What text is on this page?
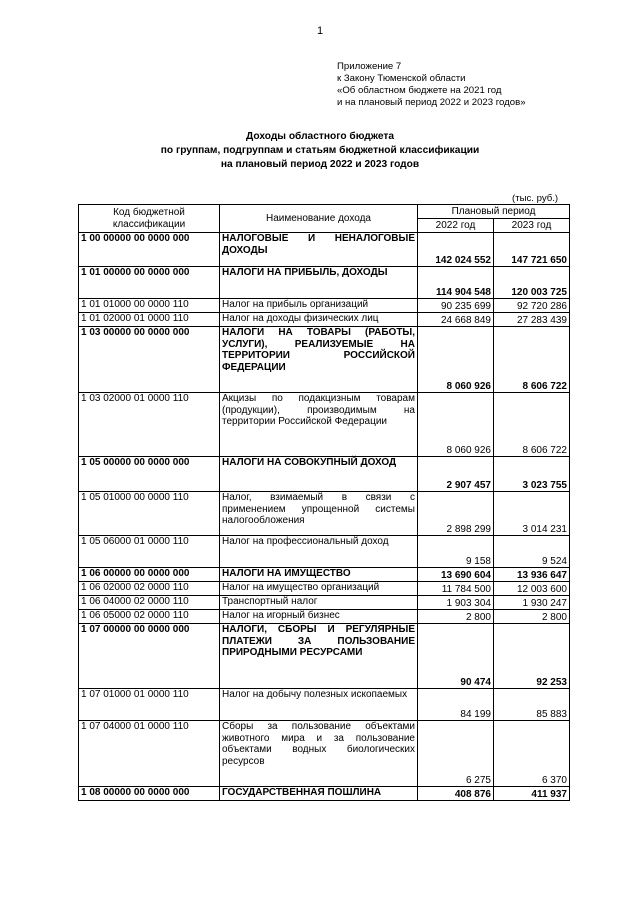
1
Приложение 7
к Закону Тюменской области
«Об областном бюджете на 2021 год
и на плановый период 2022 и 2023 годов»
Доходы областного бюджета
по группам, подгруппам и статьям бюджетной классификации
на плановый период 2022 и 2023 годов
(тыс. руб.)
Код бюджетной классификации	Наименование дохода	Плановый период	
		2022 год	2023 год
1 00 00000 00 0000 000	НАЛОГОВЫЕ И НЕНАЛОГОВЫЕ ДОХОДЫ	142 024 552	147 721 650
1 01 00000 00 0000 000	НАЛОГИ НА ПРИБЫЛЬ, ДОХОДЫ	114 904 548	120 003 725
1 01 01000 00 0000 110	Налог на прибыль организаций	90 235 699	92 720 286
1 01 02000 01 0000 110	Налог на доходы физических лиц	24 668 849	27 283 439
1 03 00000 00 0000 000	НАЛОГИ НА ТОВАРЫ (РАБОТЫ, УСЛУГИ), РЕАЛИЗУЕМЫЕ НА ТЕРРИТОРИИ РОССИЙСКОЙ ФЕДЕРАЦИИ	8 060 926	8 606 722
1 03 02000 01 0000 110	Акцизы по подакцизным товарам (продукции), производимым на территории Российской Федерации	8 060 926	8 606 722
1 05 00000 00 0000 000	НАЛОГИ НА СОВОКУПНЫЙ ДОХОД	2 907 457	3 023 755
1 05 01000 00 0000 110	Налог, взимаемый в связи с применением упрощенной системы налогообложения	2 898 299	3 014 231
1 05 06000 01 0000 110	Налог на профессиональный доход	9 158	9 524
1 06 00000 00 0000 000	НАЛОГИ НА ИМУЩЕСТВО	13 690 604	13 936 647
1 06 02000 02 0000 110	Налог на имущество организаций	11 784 500	12 003 600
1 06 04000 02 0000 110	Транспортный налог	1 903 304	1 930 247
1 06 05000 02 0000 110	Налог на игорный бизнес	2 800	2 800
1 07 00000 00 0000 000	НАЛОГИ, СБОРЫ И РЕГУЛЯРНЫЕ ПЛАТЕЖИ ЗА ПОЛЬЗОВАНИЕ ПРИРОДНЫМИ РЕСУРСАМИ	90 474	92 253
1 07 01000 01 0000 110	Налог на добычу полезных ископаемых	84 199	85 883
1 07 04000 01 0000 110	Сборы за пользование объектами животного мира и за пользование объектами водных биологических ресурсов	6 275	6 370
1 08 00000 00 0000 000	ГОСУДАРСТВЕННАЯ ПОШЛИНА	408 876	411 937
